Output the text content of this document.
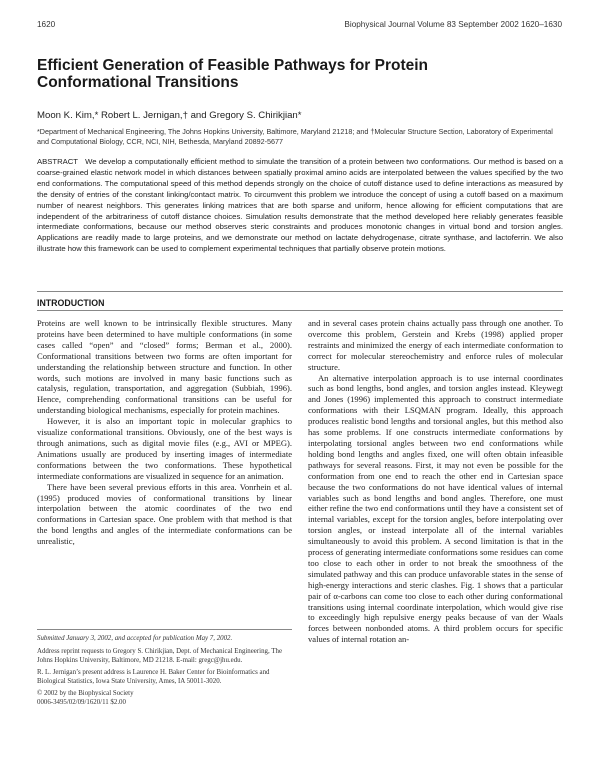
1620	Biophysical Journal Volume 83 September 2002 1620–1630
Efficient Generation of Feasible Pathways for Protein Conformational Transitions
Moon K. Kim,* Robert L. Jernigan,† and Gregory S. Chirikjian*
*Department of Mechanical Engineering, The Johns Hopkins University, Baltimore, Maryland 21218; and †Molecular Structure Section, Laboratory of Experimental and Computational Biology, CCR, NCI, NIH, Bethesda, Maryland 20892-5677

ABSTRACT We develop a computationally efficient method to simulate the transition of a protein between two conformations. Our method is based on a coarse-grained elastic network model in which distances between spatially proximal amino acids are interpolated between the values specified by the two end conformations. The computational speed of this method depends strongly on the choice of cutoff distance used to define interactions as measured by the density of entries of the constant linking/contact matrix. To circumvent this problem we introduce the concept of using a cutoff based on a maximum number of nearest neighbors. This generates linking matrices that are both sparse and uniform, hence allowing for efficient computations that are independent of the arbitrariness of cutoff distance choices. Simulation results demonstrate that the method developed here reliably generates feasible intermediate conformations, because our method observes steric constraints and produces monotonic changes in virtual bond and torsion angles. Applications are readily made to large proteins, and we demonstrate our method on lactate dehydrogenase, citrate synthase, and lactoferrin. We also illustrate how this framework can be used to complement experimental techniques that partially observe protein motions.

INTRODUCTION

Proteins are well known to be intrinsically flexible structures. Many proteins have been determined to have multiple conformations (in some cases called “open” and “closed” forms; Berman et al., 2000). Conformational transitions between two forms are often important for understanding the relationship between structure and function. In other words, such motions are involved in many basic functions such as catalysis, regulation, transportation, and aggregation (Subbiah, 1996). Hence, comprehending conformational transitions can be useful for understanding biological mechanisms, especially for protein machines.

However, it is also an important topic in molecular graphics to visualize conformational transitions. Obviously, one of the best ways is through animations, such as digital movie files (e.g., AVI or MPEG). Animations usually are produced by inserting images of intermediate conformations between the two conformations. These hypothetical intermediate conformations are visualized in sequence for an animation.

There have been several previous efforts in this area. Vonrhein et al. (1995) produced movies of conformational transitions by linear interpolation between the atomic coordinates of the two end conformations in Cartesian space. One problem with that method is that the bond lengths and angles of the intermediate conformations can be unrealistic,

Submitted January 3, 2002, and accepted for publication May 7, 2002.

Address reprint requests to Gregory S. Chirikjian, Dept. of Mechanical Engineering, The Johns Hopkins University, Baltimore, MD 21218. E-mail: gregc@jhu.edu.

R. L. Jernigan’s present address is Laurence H. Baker Center for Bioinformatics and Biological Statistics, Iowa State University, Ames, IA 50011-3020.

© 2002 by the Biophysical Society

0006-3495/02/09/1620/11 $2.00

and in several cases protein chains actually pass through one another. To overcome this problem, Gerstein and Krebs (1998) applied proper restraints and minimized the energy of each intermediate conformation to correct for molecular stereochemistry and enforce rules of molecular structure.

An alternative interpolation approach is to use internal coordinates such as bond lengths, bond angles, and torsion angles instead. Kleywegt and Jones (1996) implemented this approach to construct intermediate conformations with their LSQMAN program. Ideally, this approach produces realistic bond lengths and torsional angles, but this method also has some problems. If one constructs intermediate conformations by interpolating torsional angles between two end conformations while holding bond lengths and angles fixed, one will often obtain infeasible pathways for several reasons. First, it may not even be possible for the conformation from one end to reach the other end in Cartesian space because the two conformations do not have identical values of internal variables such as bond lengths and bond angles. Therefore, one must either refine the two end conformations until they have a consistent set of internal variables, except for the torsion angles, before interpolating over torsion angles, or instead interpolate all of the internal variables simultaneously to avoid this problem. A second limitation is that in the process of generating intermediate conformations some residues can come too close to each other in order to not break the smoothness of the simulated pathway and this can produce unfavorable states in the sense of high-energy interactions and steric clashes. Fig. 1 shows that a particular pair of α-carbons can come too close to each other during conformational transitions using internal coordinate interpolation, which would give rise to exceedingly high repulsive energy peaks because of van der Waals forces between nonbonded atoms. A third problem occurs for specific values of internal rotation an-
